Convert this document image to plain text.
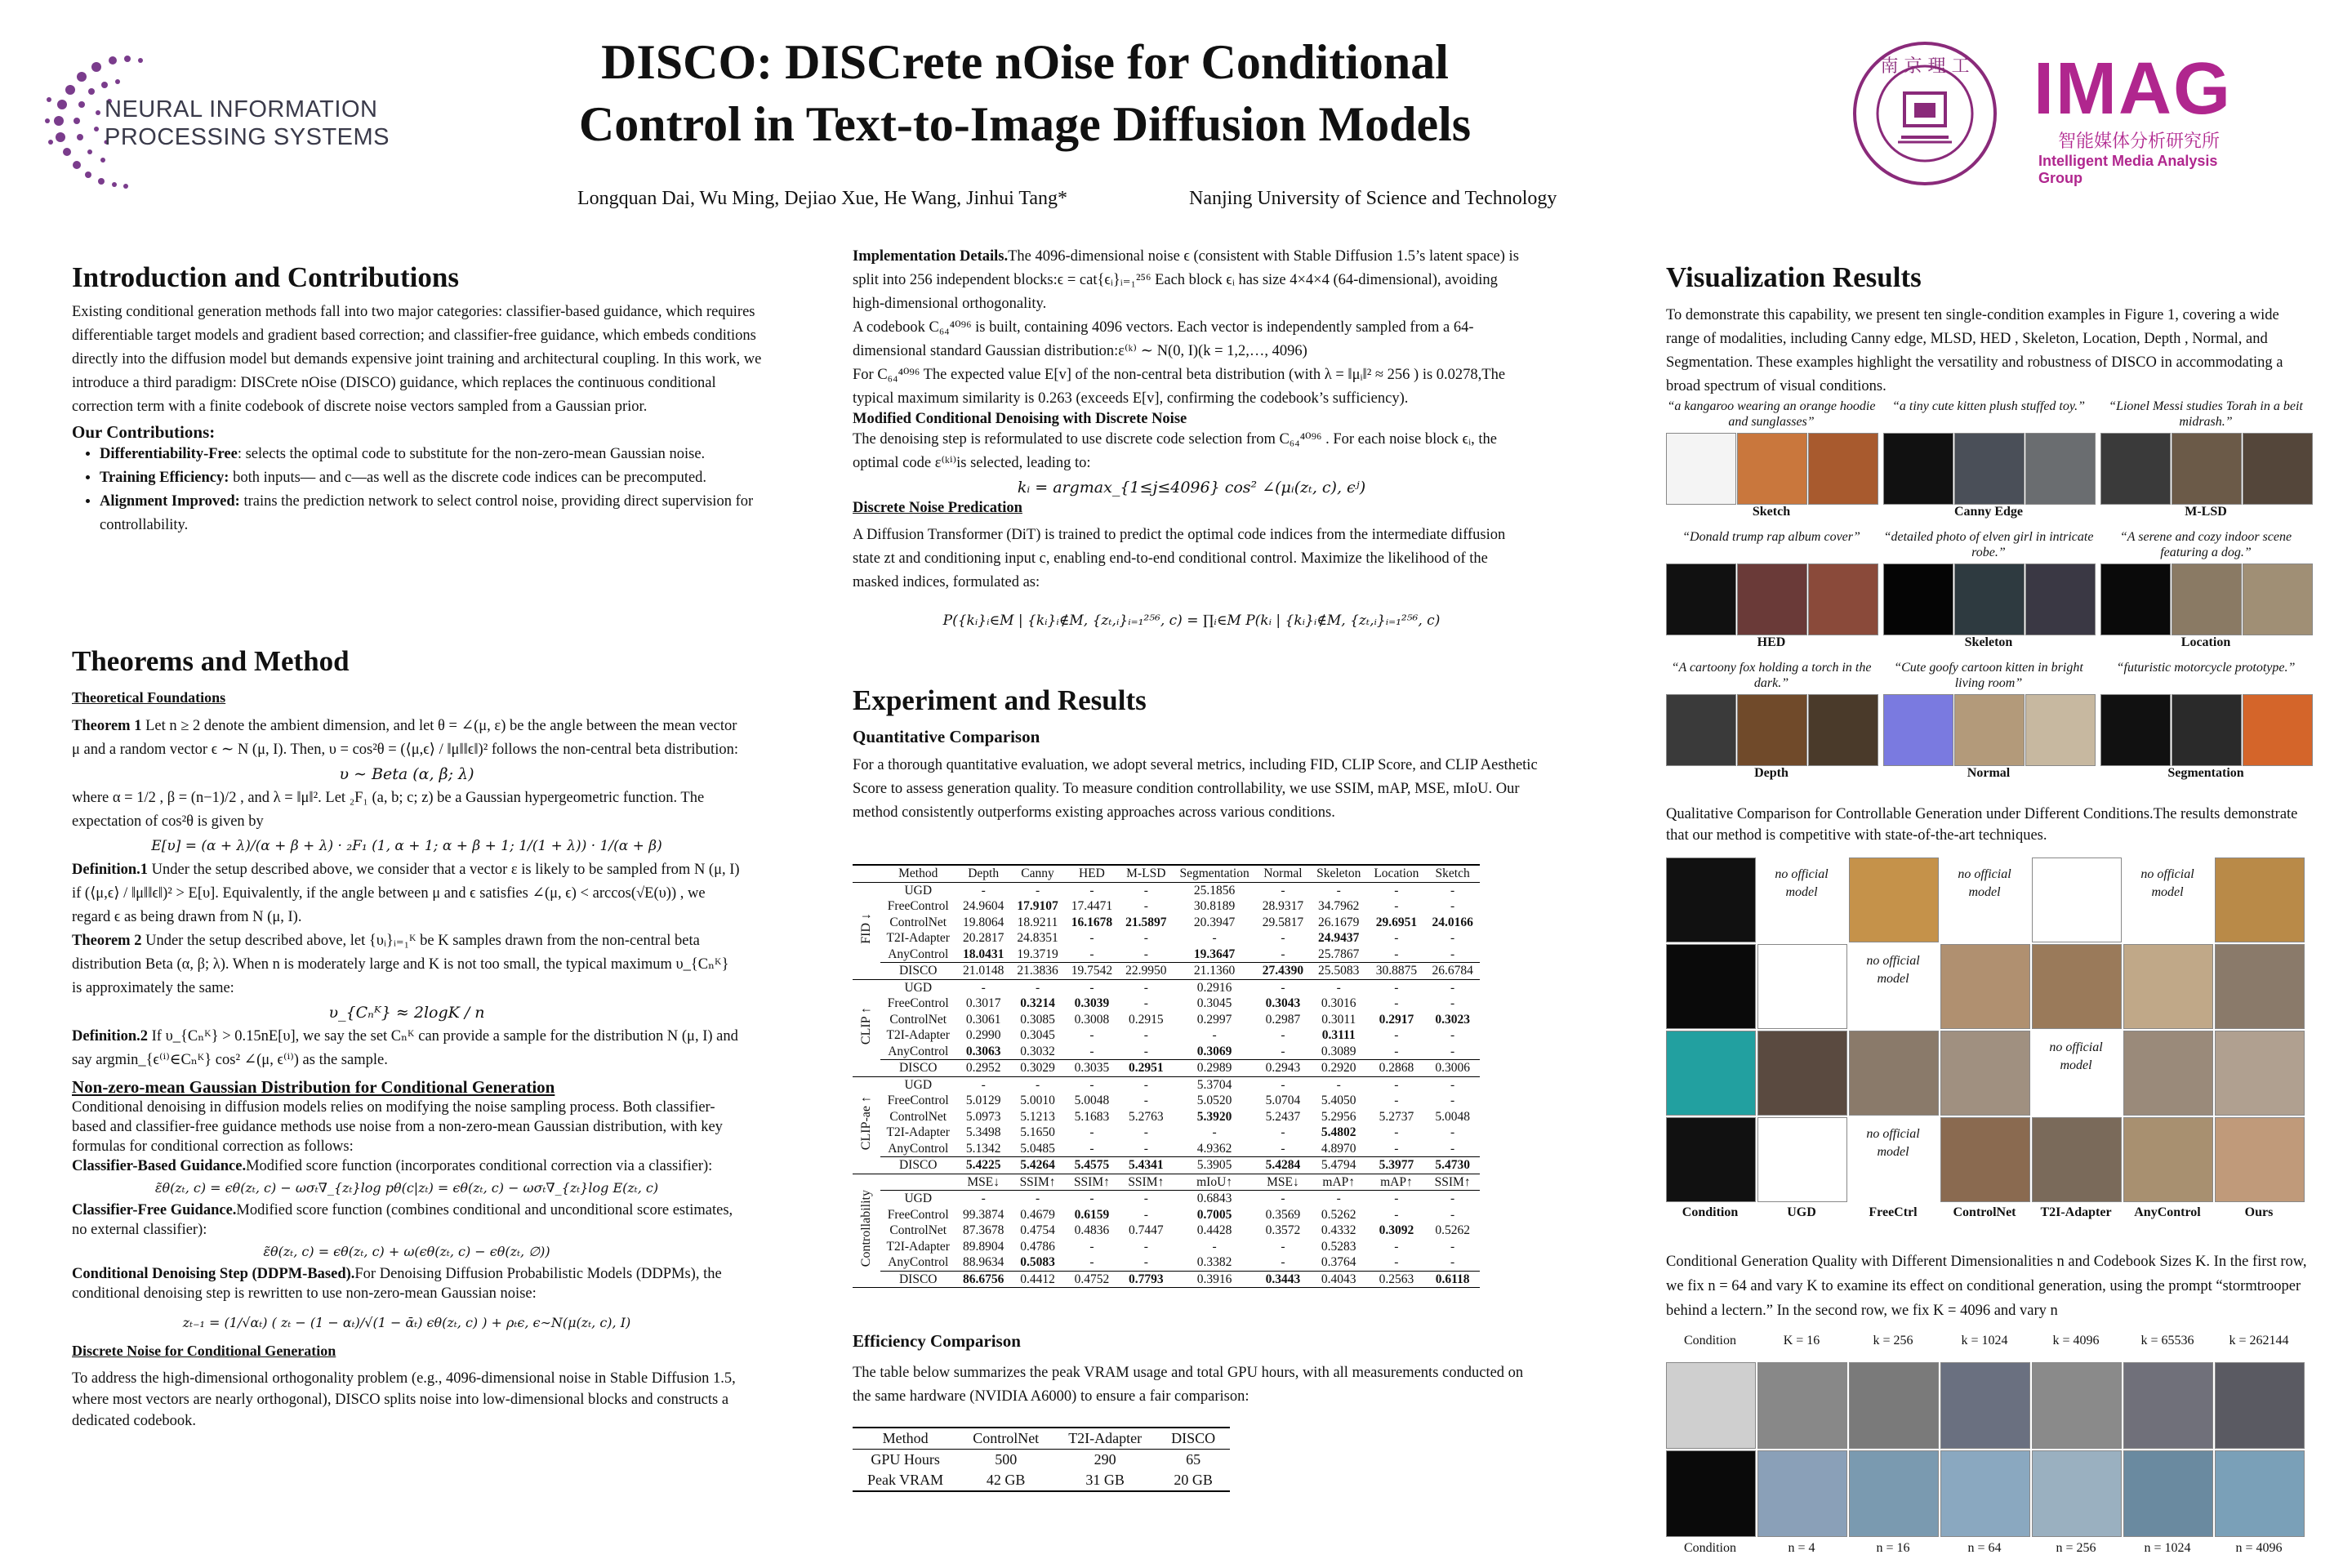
NEURAL INFORMATION
PROCESSING SYSTEMS
DISCO: DISCrete nOise for Conditional
Control in Text-to-Image Diffusion Models
Longquan Dai, Wu Ming, Dejiao Xue, He Wang, Jinhui Tang*	Nanjing University of Science and Technology
南 京 理 工 IMAG
智能媒体分析研究所
Intelligent Media Analysis Group
Introduction and Contributions

Existing conditional generation methods fall into two major categories: classifier-based guidance, which requires differentiable target models and gradient based correction; and classifier-free guidance, which embeds conditions directly into the diffusion model but demands expensive joint training and architectural coupling. In this work, we introduce a third paradigm: DISCrete nOise (DISCO) guidance, which replaces the continuous conditional correction term with a finite codebook of discrete noise vectors sampled from a Gaussian prior.

Our Contributions:
• Differentiability-Free: selects the optimal code to substitute for the non-zero-mean Gaussian noise.
• Training Efficiency: both inputs— and c—as well as the discrete code indices can be precomputed.
• Alignment Improved: trains the prediction network to select control noise, providing direct supervision for controllability.
Theorems and Method
Theoretical Foundations

Theorem 1 Let n ≥ 2 denote the ambient dimension, and let θ = ∠(μ, ε) be the angle between the mean vector μ and a random vector ϵ ∼ N (μ, I). Then, υ = cos²θ = (⟨μ,ϵ⟩ / ‖μ‖‖ϵ‖)² follows the non-central beta distribution:

υ ∼ Beta (α, β; λ)

where α = 1/2 , β = (n−1)/2 , and λ = ‖μ‖². Let ₂F₁ (a, b; c; z) be a Gaussian hypergeometric function. The expectation of cos²θ is given by

E[υ] = (α + λ)/(α + β + λ) · ₂F₁ (1, α + 1; α + β + 1; 1/(1 + λ)) · 1/(α + β)

Definition.1 Under the setup described above, we consider that a vector ε is likely to be sampled from N (μ, I) if (⟨μ,ϵ⟩ / ‖μ‖‖ϵ‖)² > E[υ]. Equivalently, if the angle between μ and ϵ satisfies ∠(μ, ϵ) < arccos(√E(υ)) , we regard ϵ as being drawn from N (μ, I).

Theorem 2 Under the setup described above, let {υᵢ}ᵢ₌₁ᴷ be K samples drawn from the non-central beta distribution Beta (α, β; λ). When n is moderately large and K is not too small, the typical maximum υ_{Cₙᴷ} is approximately the same:

υ_{Cₙᴷ} ≈ 2logK / n

Definition.2 If υ_{Cₙᴷ} > 0.15nE[υ], we say the set Cₙᴷ can provide a sample for the distribution N (μ, I) and say argmin_{ϵ⁽ⁱ⁾∈Cₙᴷ} cos² ∠(μ, ϵ⁽ⁱ⁾) as the sample.

Non-zero-mean Gaussian Distribution for Conditional Generation

Conditional denoising in diffusion models relies on modifying the noise sampling process. Both classifier-based and classifier-free guidance methods use noise from a non-zero-mean Gaussian distribution, with key formulas for conditional correction as follows:

Classifier-Based Guidance.Modified score function (incorporates conditional correction via a classifier):

ε̃θ(zₜ, c) = ϵθ(zₜ, c) − ωσₜ∇_{zₜ}log pθ(c|zₜ) = ϵθ(zₜ, c) − ωσₜ∇_{zₜ}log E(zₜ, c)

Classifier-Free Guidance.Modified score function (combines conditional and unconditional score estimates, no external classifier):

ε̃θ(zₜ, c) = ϵθ(zₜ, c) + ω(ϵθ(zₜ, c) − ϵθ(zₜ, ∅))

Conditional Denoising Step (DDPM-Based).For Denoising Diffusion Probabilistic Models (DDPMs), the conditional denoising step is rewritten to use non-zero-mean Gaussian noise:

zₜ₋₁ = (1/√αₜ) ( zₜ − (1 − αₜ)/√(1 − ᾱₜ) ϵθ(zₜ, c) ) + ρₜϵ, ϵ∼N(μ(zₜ, c), I)
Discrete Noise for Conditional Generation

To address the high-dimensional orthogonality problem (e.g., 4096-dimensional noise in Stable Diffusion 1.5, where most vectors are nearly orthogonal), DISCO splits noise into low-dimensional blocks and constructs a dedicated codebook.

Implementation Details.The 4096-dimensional noise ϵ (consistent with Stable Diffusion 1.5’s latent space) is split into 256 independent blocks:ϵ = cat{ϵᵢ}ᵢ₌₁²⁵⁶ Each block ϵᵢ has size 4×4×4 (64-dimensional), avoiding high-dimensional orthogonality.

A codebook C₆₄⁴⁰⁹⁶ is built, containing 4096 vectors. Each vector is independently sampled from a 64-dimensional standard Gaussian distribution:ε⁽ᵏ⁾ ∼ N(0, I)(k = 1,2,…, 4096)

For C₆₄⁴⁰⁹⁶ The expected value E[v] of the non-central beta distribution (with λ = ‖μᵢ‖² ≈ 256 ) is 0.0278,The typical maximum similarity is 0.263 (exceeds E[v], confirming the codebook’s sufficiency).

Modified Conditional Denoising with Discrete Noise

The denoising step is reformulated to use discrete code selection from C₆₄⁴⁰⁹⁶ . For each noise block ϵᵢ, the optimal code ε⁽ᵏⁱ⁾is selected, leading to:

kᵢ = argmax_{1≤j≤4096} cos² ∠(μᵢ(zₜ, c), ϵʲ)
Discrete Noise Predication

A Diffusion Transformer (DiT) is trained to predict the optimal code indices from the intermediate diffusion state zt and conditioning input c, enabling end-to-end conditional control. Maximize the likelihood of the masked indices, formulated as:

P({kᵢ}ᵢ∈M | {kᵢ}ᵢ∉M, {zₜ,ᵢ}ᵢ₌₁²⁵⁶, c) = ∏ᵢ∈M P(kᵢ | {kᵢ}ᵢ∉M, {zₜ,ᵢ}ᵢ₌₁²⁵⁶, c)
Experiment and Results
Quantitative Comparison

For a thorough quantitative evaluation, we adopt several metrics, including FID, CLIP Score, and CLIP Aesthetic Score to assess generation quality. To measure condition controllability, we use SSIM, mAP, MSE, mIoU. Our method consistently outperforms existing approaches across various conditions.

	Method	Depth	Canny	HED	M-LSD	Segmentation	Normal	Skeleton	Location	Sketch
FID ↓	UGD	-	-	-	-	25.1856	-	-	-	-
	FreeControl	24.9604	17.9107	17.4471	-	30.8189	28.9317	34.7962	-	-
	ControlNet	19.8064	18.9211	16.1678	21.5897	20.3947	29.5817	26.1679	29.6951	24.0166
	T2I-Adapter	20.2817	24.8351	-	-	-	-	24.9437	-	-
	AnyControl	18.0431	19.3719	-	-	19.3647	-	25.7867	-	-
	DISCO	21.0148	21.3836	19.7542	22.9950	21.1360	27.4390	25.5083	30.8875	26.6784
CLIP ↑	UGD	-	-	-	-	0.2916	-	-	-	-
	FreeControl	0.3017	0.3214	0.3039	-	0.3045	0.3043	0.3016	-	-
	ControlNet	0.3061	0.3085	0.3008	0.2915	0.2997	0.2987	0.3011	0.2917	0.3023
	T2I-Adapter	0.2990	0.3045	-	-	-	-	0.3111	-	-
	AnyControl	0.3063	0.3032	-	-	0.3069	-	0.3089	-	-
	DISCO	0.2952	0.3029	0.3035	0.2951	0.2989	0.2943	0.2920	0.2868	0.3006
CLIP-ae ↑	UGD	-	-	-	-	5.3704	-	-	-	-
	FreeControl	5.0129	5.0010	5.0048	-	5.0520	5.0704	5.4050	-	-
	ControlNet	5.0973	5.1213	5.1683	5.2763	5.3920	5.2437	5.2956	5.2737	5.0048
	T2I-Adapter	5.3498	5.1650	-	-	-	-	5.4802	-	-
	AnyControl	5.1342	5.0485	-	-	4.9362	-	4.8970	-	-
	DISCO	5.4225	5.4264	5.4575	5.4341	5.3905	5.4284	5.4794	5.3977	5.4730
Controllability		MSE↓	SSIM↑	SSIM↑	SSIM↑	mIoU↑	MSE↓	mAP↑	mAP↑	SSIM↑
	UGD	-	-	-	-	0.6843	-	-	-	-
	FreeControl	99.3874	0.4679	0.6159	-	0.7005	0.3569	0.5262	-	-
	ControlNet	87.3678	0.4754	0.4836	0.7447	0.4428	0.3572	0.4332	0.3092	0.5262
	T2I-Adapter	89.8904	0.4786	-	-	-	-	0.5283	-	-
	AnyControl	88.9634	0.5083	-	-	0.3382	-	0.3764	-	-
	DISCO	86.6756	0.4412	0.4752	0.7793	0.3916	0.3443	0.4043	0.2563	0.6118
Efficiency Comparison

The table below summarizes the peak VRAM usage and total GPU hours, with all measurements conducted on the same hardware (NVIDIA A6000) to ensure a fair comparison:

Method	ControlNet	T2I-Adapter	DISCO
GPU Hours	500	290	65
Peak VRAM	42 GB	31 GB	20 GB
Visualization Results

To demonstrate this capability, we present ten single-condition examples in Figure 1, covering a wide range of modalities, including Canny edge, MLSD, HED , Skeleton, Location, Depth , Normal, and Segmentation. These examples highlight the versatility and robustness of DISCO in accommodating a broad spectrum of visual conditions.

“a kangaroo wearing an orange hoodie and sunglasses”
Sketch
“a tiny cute kitten plush stuffed toy.”
Canny Edge
“Lionel Messi studies Torah in a beit midrash.”
M-LSD
“Donald trump rap album cover”
HED
“detailed photo of elven girl in intricate robe.”
Skeleton
“A serene and cozy indoor scene featuring a dog.”
Location
“A cartoony fox holding a torch in the dark.”
Depth
“Cute goofy cartoon kitten in bright living room”
Normal
“futuristic motorcycle prototype.”
Segmentation
Qualitative Comparison for Controllable Generation under Different Conditions.The results demonstrate that our method is competitive with state-of-the-art techniques.
no official model
no official model
no official model
no official model
no official model
no official model
Condition	UGD	FreeCtrl	ControlNet	T2I-Adapter	AnyControl	Ours
Conditional Generation Quality with Different Dimensionalities n and Codebook Sizes K. In the first row, we fix n = 64 and vary K to examine its effect on conditional generation, using the prompt “stormtrooper behind a lectern.” In the second row, we fix K = 4096 and vary n
Condition	K = 16	k = 256	k = 1024	k = 4096	k = 65536	k = 262144
Condition	n = 4	n = 16	n = 64	n = 256	n = 1024	n = 4096
